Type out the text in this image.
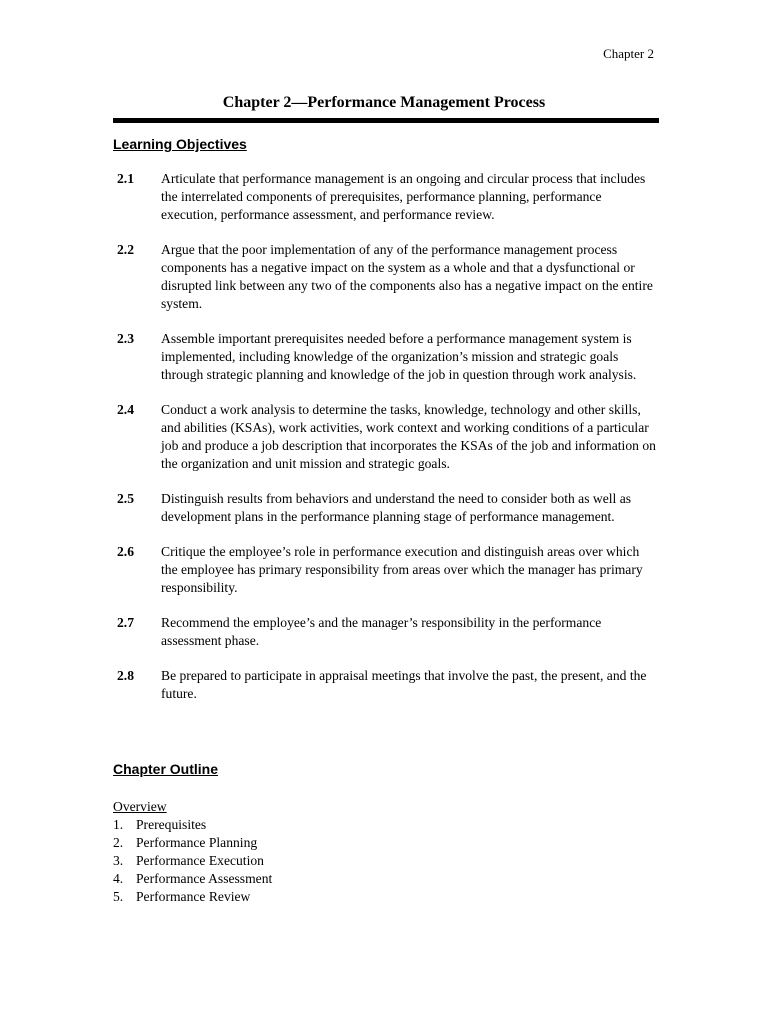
Chapter 2
Chapter 2—Performance Management Process
Learning Objectives
2.1	Articulate that performance management is an ongoing and circular process that includes the interrelated components of prerequisites, performance planning, performance execution, performance assessment, and performance review.
2.2	Argue that the poor implementation of any of the performance management process components has a negative impact on the system as a whole and that a dysfunctional or disrupted link between any two of the components also has a negative impact on the entire system.
2.3	Assemble important prerequisites needed before a performance management system is implemented, including knowledge of the organization’s mission and strategic goals through strategic planning and knowledge of the job in question through work analysis.
2.4	Conduct a work analysis to determine the tasks, knowledge, technology and other skills, and abilities (KSAs), work activities, work context and working conditions of a particular job and produce a job description that incorporates the KSAs of the job and information on the organization and unit mission and strategic goals.
2.5	Distinguish results from behaviors and understand the need to consider both as well as development plans in the performance planning stage of performance management.
2.6	Critique the employee’s role in performance execution and distinguish areas over which the employee has primary responsibility from areas over which the manager has primary responsibility.
2.7	Recommend the employee’s and the manager’s responsibility in the performance assessment phase.
2.8	Be prepared to participate in appraisal meetings that involve the past, the present, and the future.
Chapter Outline
Overview
1. Prerequisites
2. Performance Planning
3. Performance Execution
4. Performance Assessment
5. Performance Review
